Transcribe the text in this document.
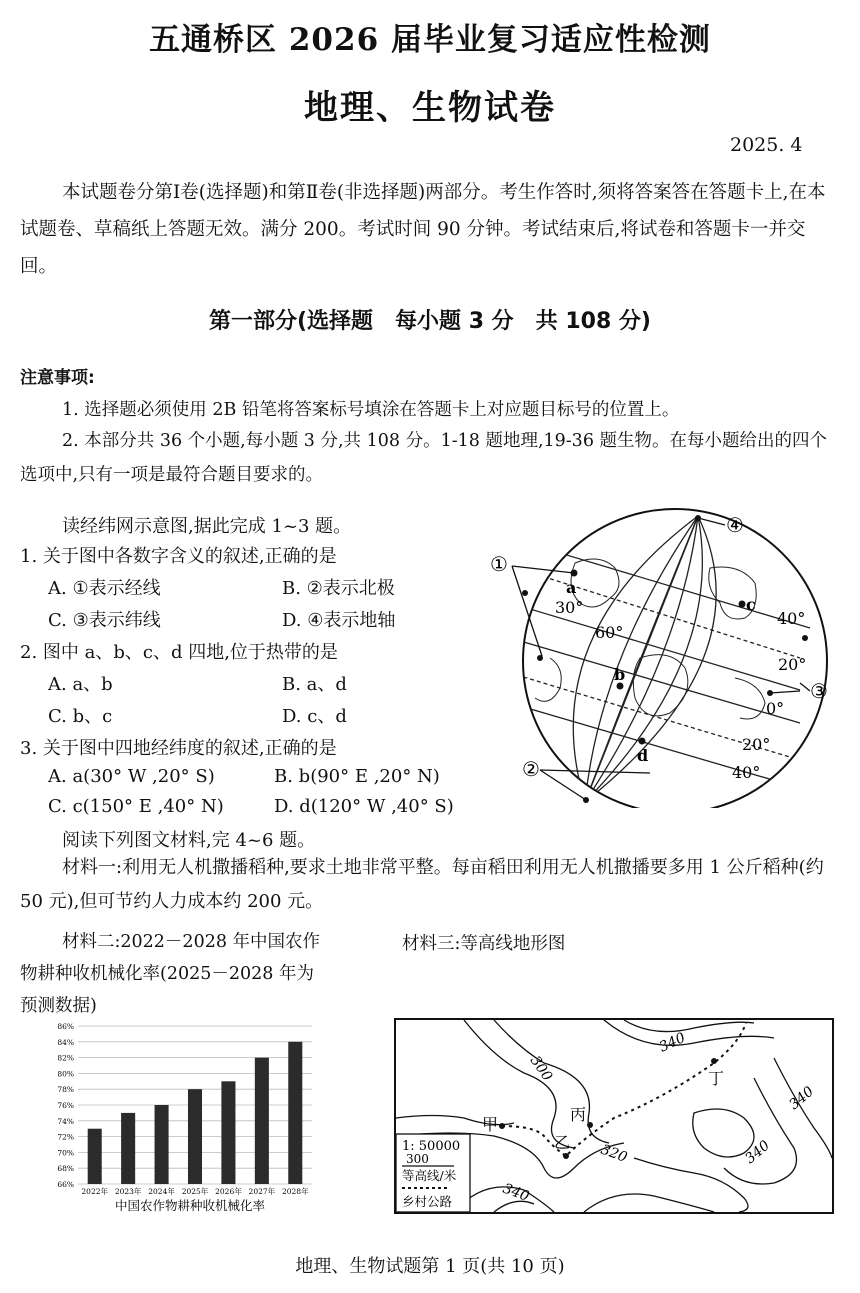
五通桥区 2026 届毕业复习适应性检测
地理、生物试卷
2025. 4
本试题卷分第Ⅰ卷(选择题)和第Ⅱ卷(非选择题)两部分。考生作答时,须将答案答在答题卡上,在本试题卷、草稿纸上答题无效。满分 200。考试时间 90 分钟。考试结束后,将试卷和答题卡一并交回。
第一部分(选择题　每小题 3 分　共 108 分)
注意事项:
1. 选择题必须使用 2B 铅笔将答案标号填涂在答题卡上对应题目标号的位置上。
2. 本部分共 36 个小题,每小题 3 分,共 108 分。1-18 题地理,19-36 题生物。在每小题给出的四个选项中,只有一项是最符合题目要求的。
读经纬网示意图,据此完成 1~3 题。
1. 关于图中各数字含义的叙述,正确的是
A. ①表示经线	B. ②表示北极
C. ③表示纬线	D. ④表示地轴
2. 图中 a、b、c、d 四地,位于热带的是
A. a、b	B. a、d
C. b、c	D. c、d
3. 关于图中四地经纬度的叙述,正确的是
A. a(30° W ,20° S)	B. b(90° E ,20° N)
C. c(150° E ,40° N)	D. d(120° W ,40° S)
①
②
③
④
a
b
c
d
30°
60°
40°
20°
0°
20°
40°
阅读下列图文材料,完 4~6 题。
材料一:利用无人机撒播稻种,要求土地非常平整。每亩稻田利用无人机撒播要多用 1 公斤稻种(约 50 元),但可节约人力成本约 200 元。
材料二:2022－2028 年中国农作
物耕种收机械化率(2025－2028 年为
预测数据)
材料三:等高线地形图
86%
84%
82%
80%
78%
76%
74%
72%
70%
68%
66%
2022年 2023年 2024年 2025年 2026年 2027年 2028年
中国农作物耕种收机械化率
甲
乙
丙
丁
340
300
340
320	340
340
1: 50000
300
等高线/米
乡村公路
地理、生物试题第 1 页(共 10 页)
